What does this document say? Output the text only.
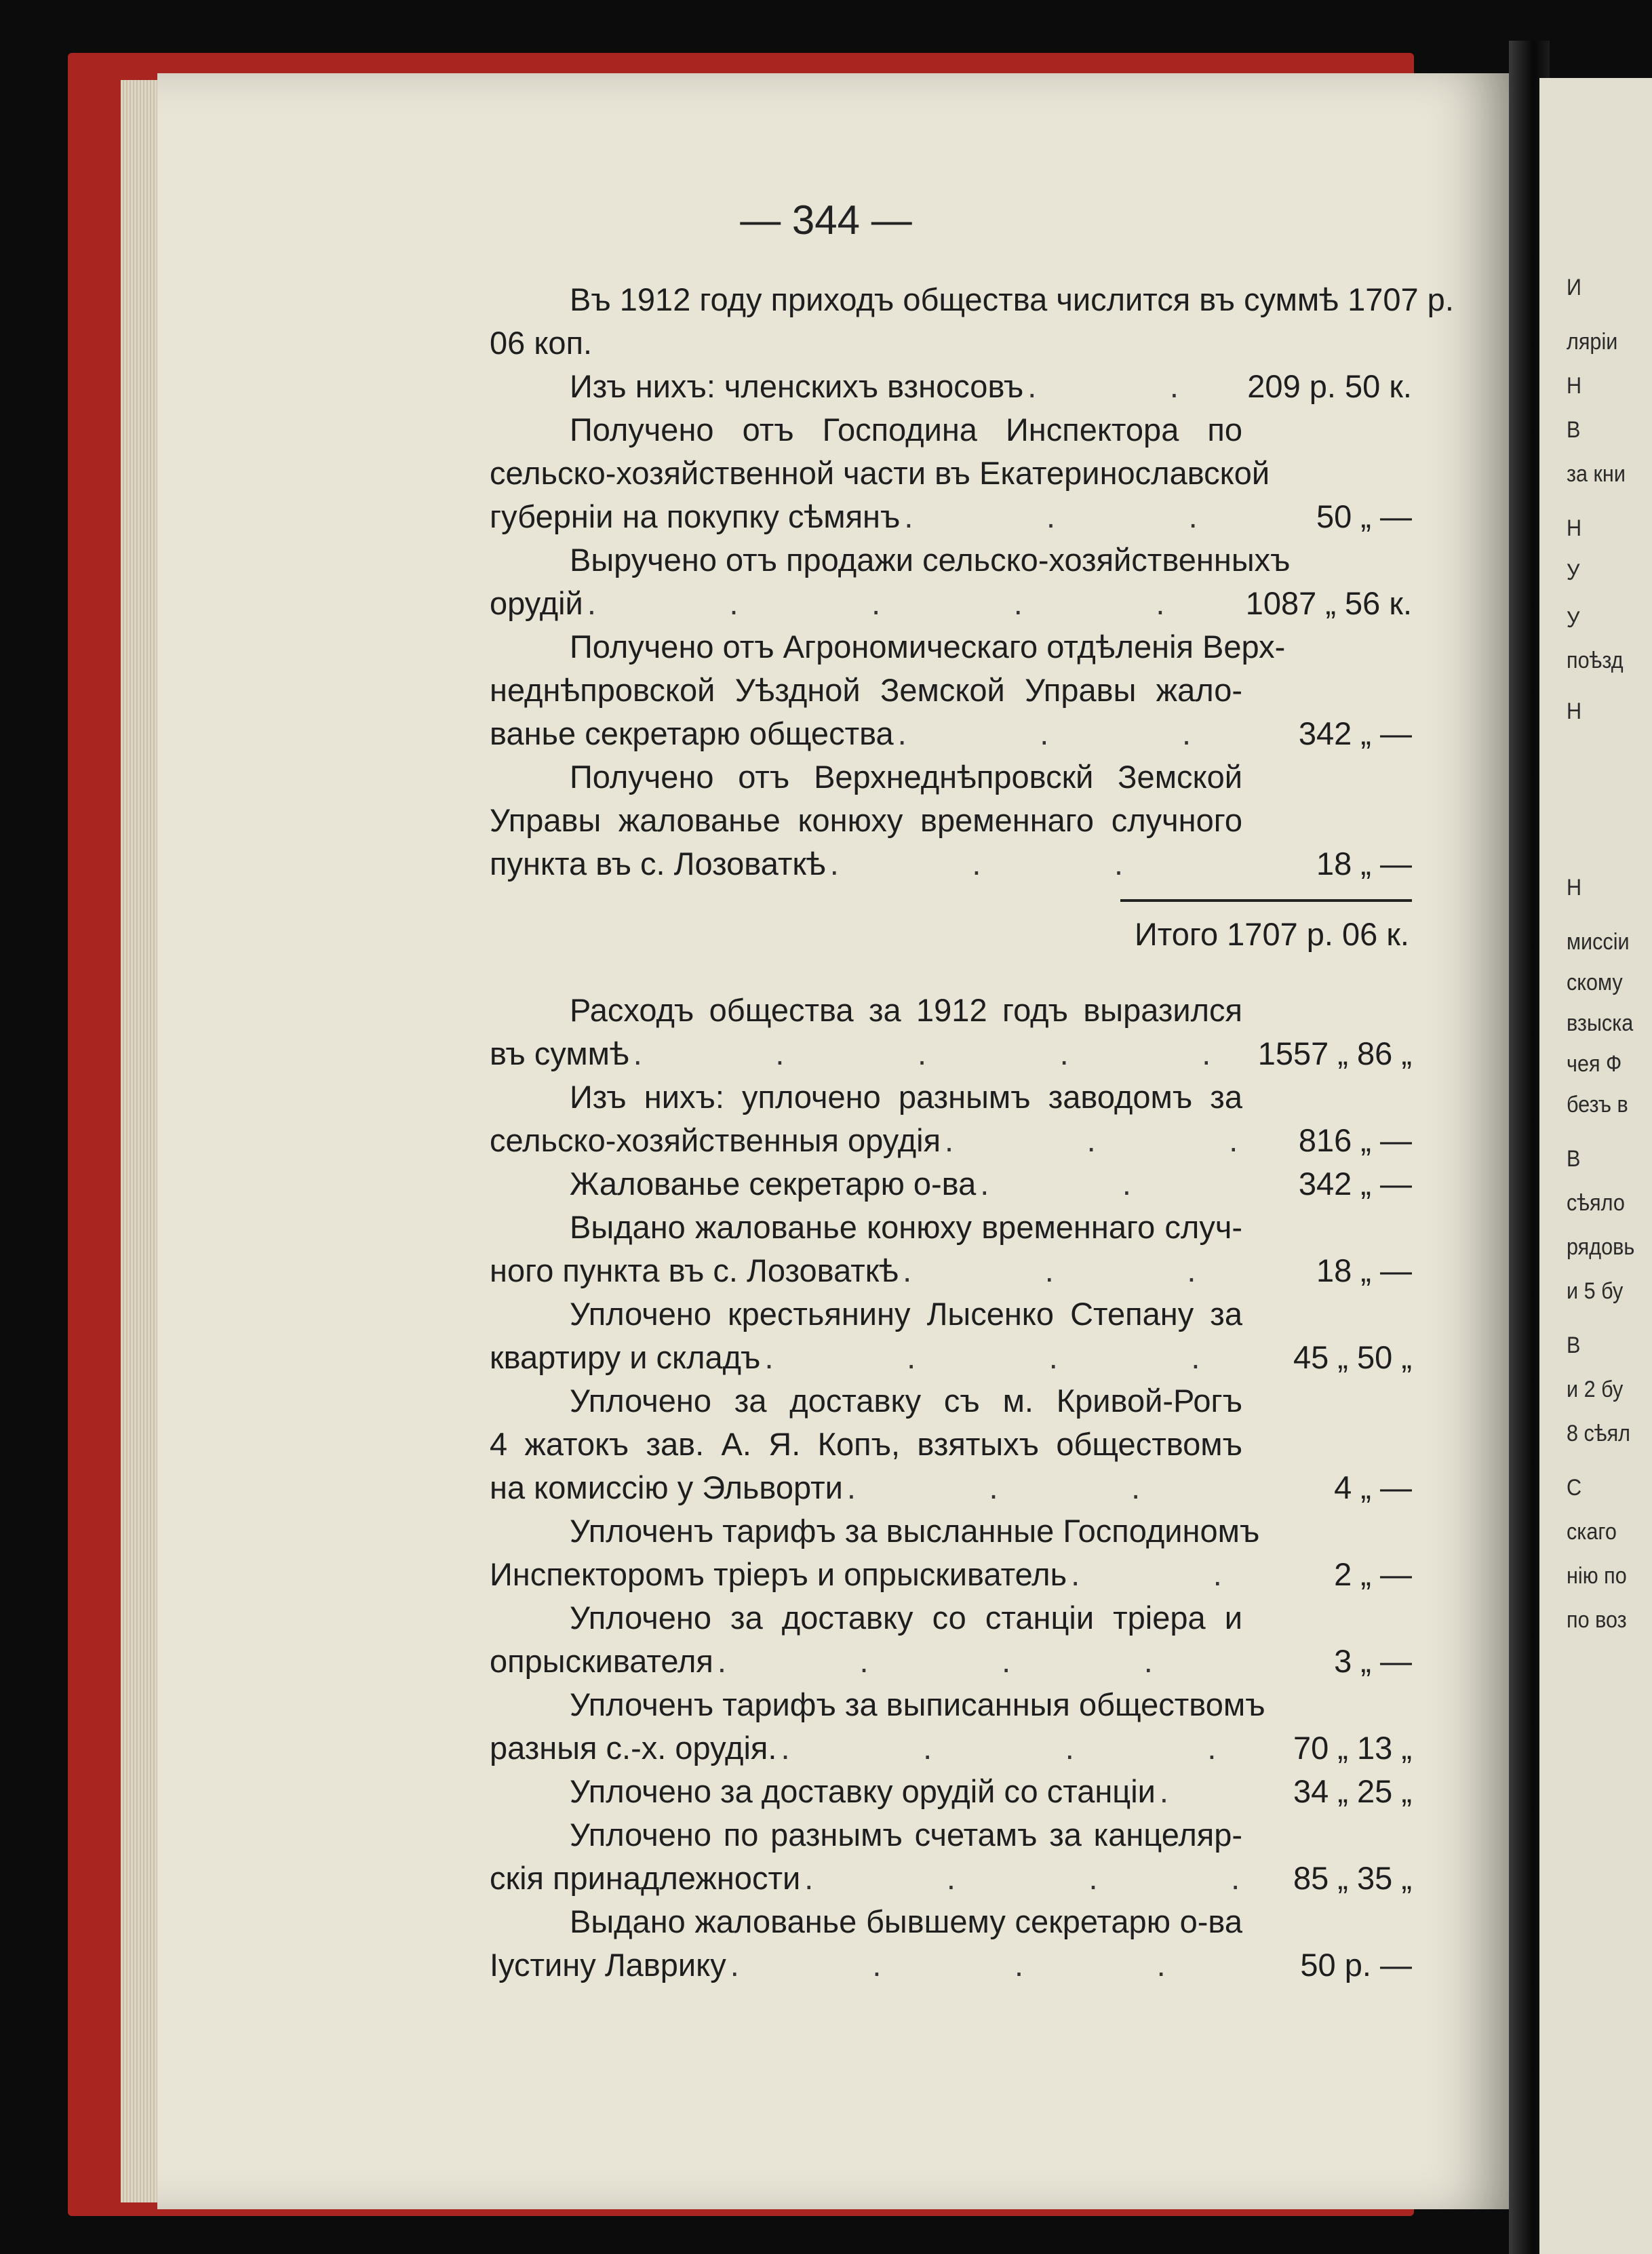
И
ляріи
Н
В
за кни
Н
У
У
поѣзд
Н
Н
миссіи
скому
взыска
чея Ф
безъ в
В
сѣяло
рядовь
и 5 бу
В
и 2 бу
8 сѣял
С
скаго
нію по
по воз
— 344 —
Въ 1912 году приходъ общества числится въ суммѣ 1707 р.
06 коп.
Изъ нихъ: членскихъ взносовъ .	209 р. 50 к.
Получено отъ Господина Инспектора по
сельско-хозяйственной части въ Екатеринославской
губерніи на покупку сѣмянъ .	50 „ —
Выручено отъ продажи сельско-хозяйственныхъ
орудій .	1087 „ 56 к.
Получено отъ Агрономическаго отдѣленія Верх-
неднѣпровской Уѣздной Земской Управы жало-
ванье секретарю общества .	342 „ —
Получено отъ Верхнеднѣпровскй Земской
Управы жалованье конюху временнаго случного
пункта въ с. Лозоваткѣ .	18 „ —
Итого 1707 р. 06 к.
Расходъ общества за 1912 годъ выразился
въ суммѣ .	1557 „ 86 „
Изъ нихъ: уплочено разнымъ заводомъ за
сельско-хозяйственныя орудія .	816 „ —
Жалованье секретарю о-ва .	342 „ —
Выдано жалованье конюху временнаго случ-
ного пункта въ с. Лозоваткѣ .	18 „ —
Уплочено крестьянину Лысенко Степану за
квартиру и складъ .	45 „ 50 „
Уплочено за доставку съ м. Кривой-Рогъ
4 жатокъ зав. А. Я. Копъ, взятыхъ обществомъ
на комиссію у Эльворти .	4 „ —
Уплоченъ тарифъ за высланные Господиномъ
Инспекторомъ тріеръ и опрыскиватель .	2 „ —
Уплочено за доставку со станціи тріера и
опрыскивателя .	3 „ —
Уплоченъ тарифъ за выписанныя обществомъ
разныя с.-х. орудія. .	70 „ 13 „
Уплочено за доставку орудій со станціи .	34 „ 25 „
Уплочено по разнымъ счетамъ за канцеляр-
скія принадлежности .	85 „ 35 „
Выдано жалованье бывшему секретарю о-ва
Іустину Лаврику .	50 р. —
